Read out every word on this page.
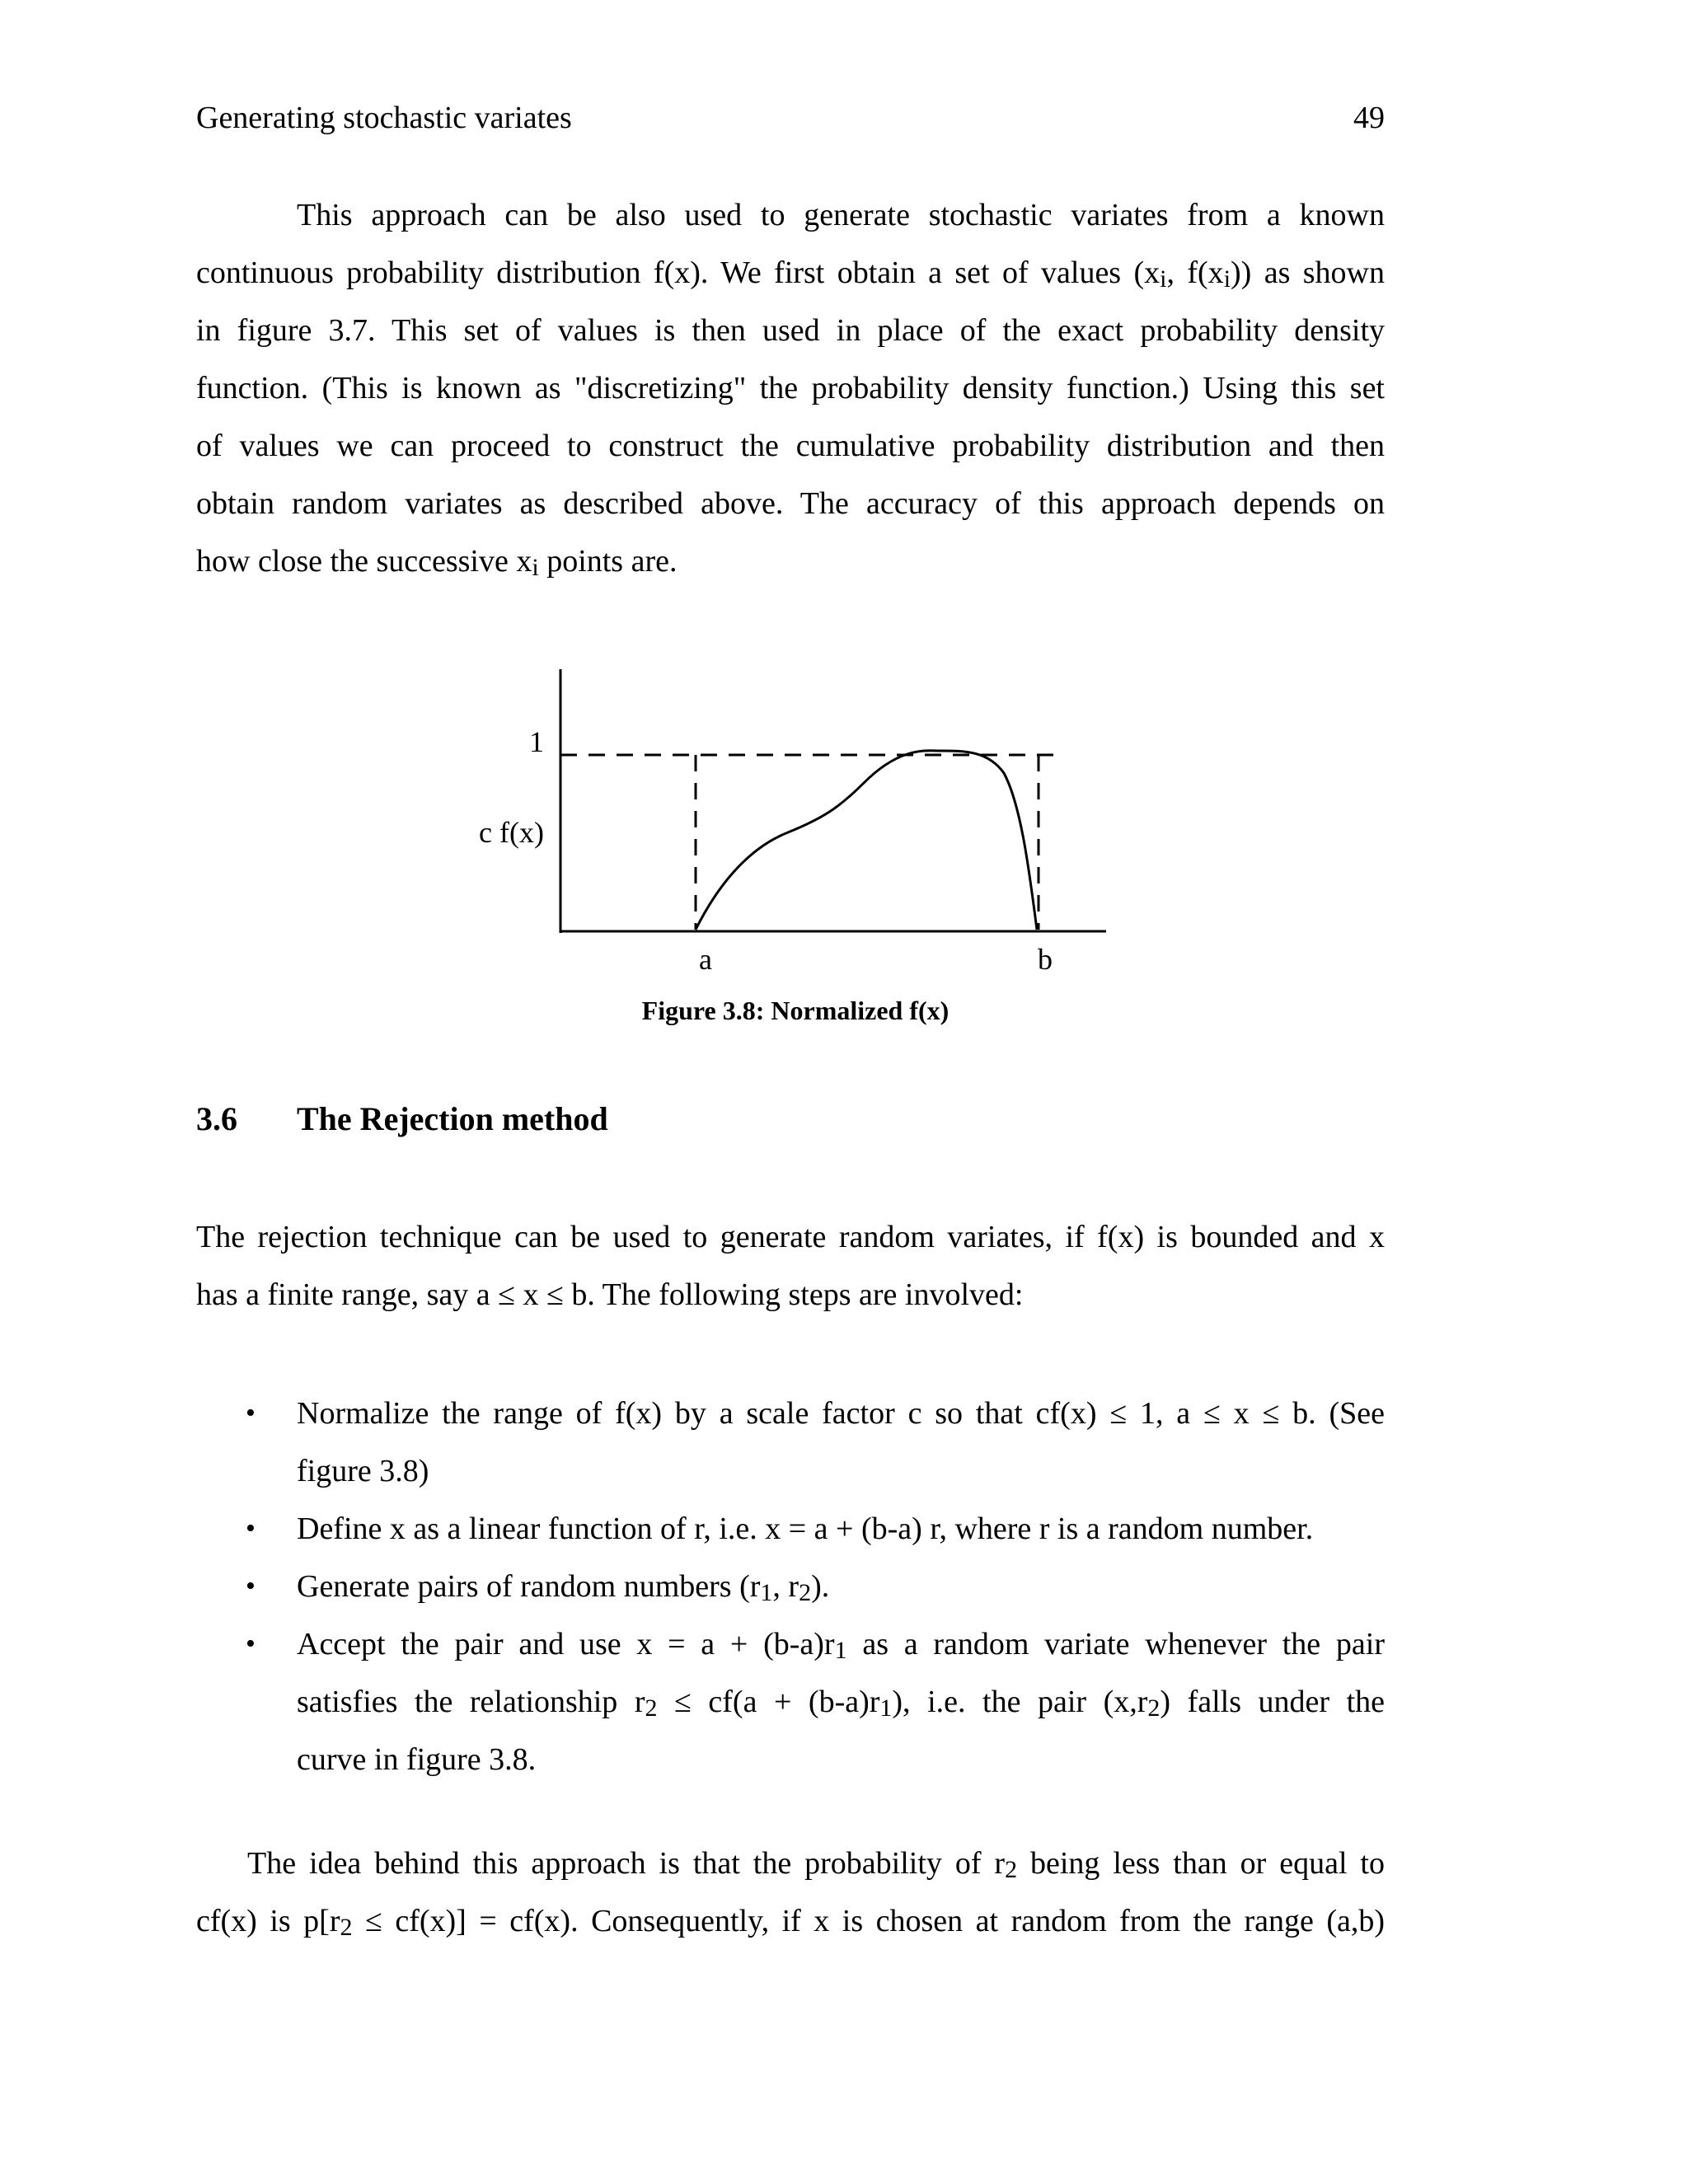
Generating stochastic variates	49
This approach can be also used to generate stochastic variates from a known
continuous probability distribution f(x). We first obtain a set of values (xi, f(xi)) as shown
in figure 3.7. This set of values is then used in place of the exact probability density
function. (This is known as "discretizing" the probability density function.) Using this set
of values we can proceed to construct the cumulative probability distribution and then
obtain random variates as described above. The accuracy of this approach depends on
how close the successive xi points are.
1
c f(x)
a	b
Figure 3.8: Normalized f(x)
3.6 The Rejection method
The rejection technique can be used to generate random variates, if f(x) is bounded and x
has a finite range, say a ≤ x ≤ b. The following steps are involved:
• Normalize the range of f(x) by a scale factor c so that cf(x) ≤ 1, a ≤ x ≤ b. (See
figure 3.8)
• Define x as a linear function of r, i.e. x = a + (b-a) r, where r is a random number.
• Generate pairs of random numbers (r1, r2).
• Accept the pair and use x = a + (b-a)r1 as a random variate whenever the pair
satisfies the relationship r2 ≤ cf(a + (b-a)r1), i.e. the pair (x,r2) falls under the
curve in figure 3.8.
The idea behind this approach is that the probability of r2 being less than or equal to
cf(x) is p[r2 ≤ cf(x)] = cf(x). Consequently, if x is chosen at random from the range (a,b)
